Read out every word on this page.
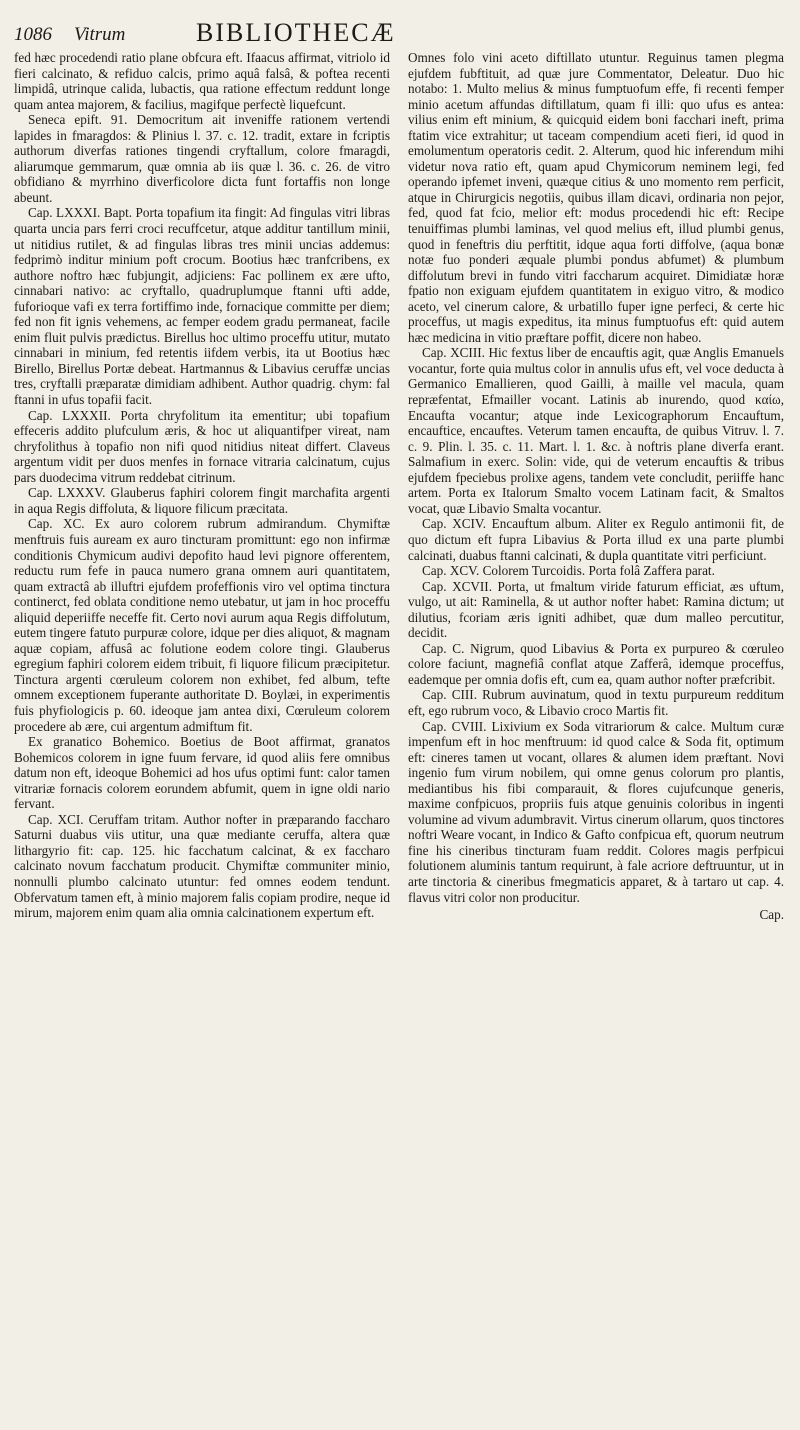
1086 Vitrum	BIBLIOTHECÆ

fed hæc procedendi ratio plane obfcura eft. Ifaacus affirmat, vitriolo id fieri calcinato, & refiduo calcis, primo aquâ falsâ, & poftea recenti limpidâ, utrinque calida, lubactis, qua ratione effectum reddunt longe quam antea majorem, & facilius, magifque perfectè liquefcunt.

Seneca epift. 91. Democritum ait inveniffe rationem vertendi lapides in fmaragdos: & Plinius l. 37. c. 12. tradit, extare in fcriptis authorum diverfas rationes tingendi cryftallum, colore fmaragdi, aliarumque gemmarum, quæ omnia ab iis quæ l. 36. c. 26. de vitro obfidiano & myrrhino diverficolore dicta funt fortaffis non longe abeunt.

Cap. LXXXI. Bapt. Porta topafium ita fingit: Ad fingulas vitri libras quarta uncia pars ferri croci recuffcetur, atque additur tantillum minii, ut nitidius rutilet, & ad fingulas libras tres minii uncias addemus: fedprimò inditur minium poft crocum. Bootius hæc tranfcribens, ex authore noftro hæc fubjungit, adjiciens: Fac pollinem ex ære ufto, cinnabari nativo: ac cryftallo, quadruplumque ftanni ufti adde, fuforioque vafi ex terra fortiffimo inde, fornacique committe per diem; fed non fit ignis vehemens, ac femper eodem gradu permaneat, facile enim fluit pulvis prædictus. Birellus hoc ultimo proceffu utitur, mutato cinnabari in minium, fed retentis iifdem verbis, ita ut Bootius hæc Birello, Birellus Portæ debeat. Hartmannus & Libavius ceruffæ uncias tres, cryftalli præparatæ dimidiam adhibent. Author quadrig. chym: fal ftanni in ufus topafii facit.

Cap. LXXXII. Porta chryfolitum ita ementitur; ubi topafium effeceris addito plufculum æris, & hoc ut aliquantifper vireat, nam chryfolithus à topafio non nifi quod nitidius niteat differt. Claveus argentum vidit per duos menfes in fornace vitraria calcinatum, cujus pars duodecima vitrum reddebat citrinum.

Cap. LXXXV. Glauberus faphiri colorem fingit marchafita argenti in aqua Regis diffoluta, & liquore filicum præcitata.

Cap. XC. Ex auro colorem rubrum admirandum. Chymiftæ menftruis fuis auream ex auro tincturam promittunt: ego non infirmæ conditionis Chymicum audivi depofito haud levi pignore offerentem, reductu rum fefe in pauca numero grana omnem auri quantitatem, quam extractâ ab illuftri ejufdem profeffionis viro vel optima tinctura continerct, fed oblata conditione nemo utebatur, ut jam in hoc proceffu aliquid deperiiffe neceffe fit. Certo novi aurum aqua Regis diffolutum, eutem tingere fatuto purpuræ colore, idque per dies aliquot, & magnam aquæ copiam, affusâ ac folutione eodem colore tingi. Glauberus egregium faphiri colorem eidem tribuit, fi liquore filicum præcipitetur. Tinctura argenti cœruleum colorem non exhibet, fed album, tefte omnem exceptionem fuperante authoritate D. Boylæi, in experimentis fuis phyfiologicis p. 60. ideoque jam antea dixi, Cœruleum colorem procedere ab ære, cui argentum admiftum fit.

Ex granatico Bohemico. Boetius de Boot affirmat, granatos Bohemicos colorem in igne fuum fervare, id quod aliis fere omnibus datum non eft, ideoque Bohemici ad hos ufus optimi funt: calor tamen vitrariæ fornacis colorem eorundem abfumit, quem in igne oldi nario fervant.

Cap. XCI. Ceruffam tritam. Author nofter in præparando faccharo Saturni duabus viis utitur, una quæ mediante ceruffa, altera quæ lithargyrio fit: cap. 125. hic facchatum calcinat, & ex faccharo calcinato novum facchatum producit. Chymiftæ communiter minio, nonnulli plumbo calcinato utuntur: fed omnes eodem tendunt. Obfervatum tamen eft, à minio majorem falis copiam prodire, neque id mirum, majorem enim quam alia omnia calcinationem expertum eft.

Omnes folo vini aceto diftillato utuntur. Reguinus tamen plegma ejufdem fubftituit, ad quæ jure Commentator, Deleatur. Duo hic notabo: 1. Multo melius & minus fumptuofum effe, fi recenti femper minio acetum affundas diftillatum, quam fi illi: quo ufus es antea: vilius enim eft minium, & quicquid eidem boni facchari ineft, prima ftatim vice extrahitur; ut taceam compendium aceti fieri, id quod in emolumentum operatoris cedit. 2. Alterum, quod hic inferendum mihi videtur nova ratio eft, quam apud Chymicorum neminem legi, fed operando ipfemet inveni, quæque citius & uno momento rem perficit, atque in Chirurgicis negotiis, quibus illam dicavi, ordinaria non pejor, fed, quod fat fcio, melior eft: modus procedendi hic eft: Recipe tenuiffimas plumbi laminas, vel quod melius eft, illud plumbi genus, quod in feneftris diu perftitit, idque aqua forti diffolve, (aqua bonæ notæ fuo ponderi æquale plumbi pondus abfumet) & plumbum diffolutum brevi in fundo vitri faccharum acquiret. Dimidiatæ horæ fpatio non exiguam ejufdem quantitatem in exiguo vitro, & modico aceto, vel cinerum calore, & urbatillo fuper igne perfeci, & certe hic proceffus, ut magis expeditus, ita minus fumptuofus eft: quid autem hæc medicina in vitio præftare poffit, dicere non habeo.

Cap. XCIII. Hic fextus liber de encauftis agit, quæ Anglis Emanuels vocantur, forte quia multus color in annulis ufus eft, vel voce deducta à Germanico Emallieren, quod Gailli, à maille vel macula, quam repræfentat, Efmailler vocant. Latinis ab inurendo, quod καίω, Encaufta vocantur; atque inde Lexicographorum Encauftum, encauftice, encauftes. Veterum tamen encaufta, de quibus Vitruv. l. 7. c. 9. Plin. l. 35. c. 11. Mart. l. 1. &c. à noftris plane diverfa erant. Salmafium in exerc. Solin: vide, qui de veterum encauftis & tribus ejufdem fpeciebus prolixe agens, tandem vete concludit, periiffe hanc artem. Porta ex Italorum Smalto vocem Latinam facit, & Smaltos vocat, quæ Libavio Smalta vocantur.

Cap. XCIV. Encauftum album. Aliter ex Regulo antimonii fit, de quo dictum eft fupra Libavius & Porta illud ex una parte plumbi calcinati, duabus ftanni calcinati, & dupla quantitate vitri perficiunt.

Cap. XCV. Colorem Turcoidis. Porta folâ Zaffera parat.

Cap. XCVII. Porta, ut fmaltum viride faturum efficiat, æs uftum, vulgo, ut ait: Raminella, & ut author nofter habet: Ramina dictum; ut dilutius, fcoriam æris igniti adhibet, quæ dum malleo percutitur, decidit.

Cap. C. Nigrum, quod Libavius & Porta ex purpureo & cœruleo colore faciunt, magnefiâ conflat atque Zafferâ, idemque proceffus, eademque per omnia dofis eft, cum ea, quam author nofter præfcribit.

Cap. CIII. Rubrum auvinatum, quod in textu purpureum redditum eft, ego rubrum voco, & Libavio croco Martis fit.

Cap. CVIII. Lixivium ex Soda vitrariorum & calce. Multum curæ impenfum eft in hoc menftruum: id quod calce & Soda fit, optimum eft: cineres tamen ut vocant, ollares & alumen idem præftant. Novi ingenio fum virum nobilem, qui omne genus colorum pro plantis, mediantibus his fibi comparauit, & flores cujufcunque generis, maxime confpicuos, propriis fuis atque genuinis coloribus in ingenti volumine ad vivum adumbravit. Virtus cinerum ollarum, quos tinctores noftri Weare vocant, in Indico & Gafto confpicua eft, quorum neutrum fine his cineribus tincturam fuam reddit. Colores magis perfpicui folutionem aluminis tantum requirunt, à fale acriore deftruuntur, ut in arte tinctoria & cineribus fmegmaticis apparet, & à tartaro ut cap. 4. flavus vitri color non producitur.

Cap.
